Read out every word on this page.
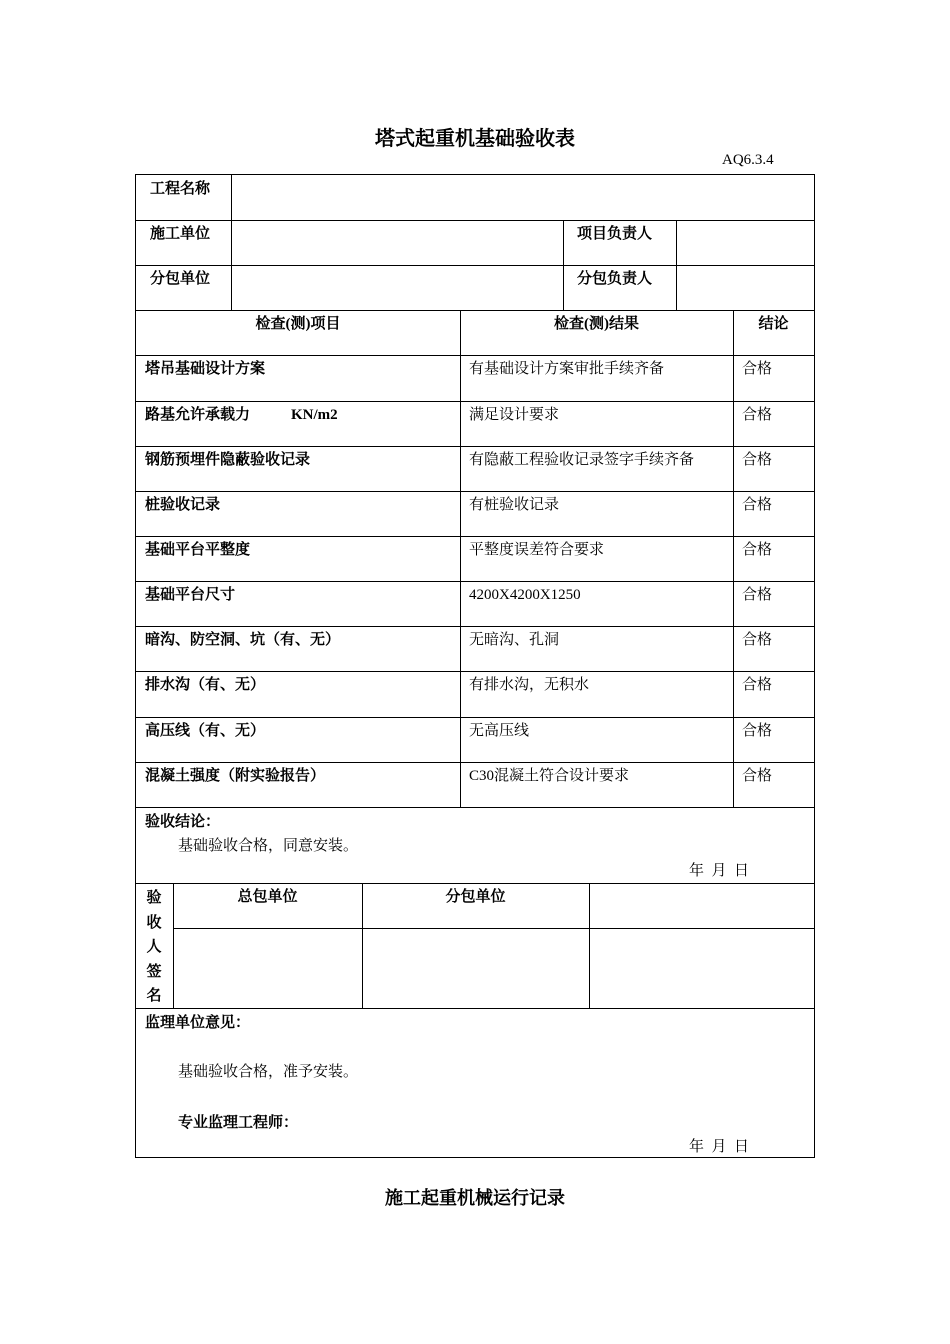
塔式起重机基础验收表
AQ6.3.4
工程名称
施工单位	项目负责人
分包单位	分包负责人
检查(测)项目	检查(测)结果	结论
塔吊基础设计方案	有基础设计方案审批手续齐备	合格
路基允许承载力	KN/m2	满足设计要求	合格
钢筋预埋件隐蔽验收记录	有隐蔽工程验收记录签字手续齐备	合格
桩验收记录	有桩验收记录	合格
基础平台平整度	平整度误差符合要求	合格
基础平台尺寸	4200X4200X1250	合格
暗沟、防空洞、坑（有、无）	无暗沟、孔洞	合格
排水沟（有、无）	有排水沟，无积水	合格
高压线（有、无）	无高压线	合格
混凝土强度（附实验报告）	C30混凝土符合设计要求	合格
验收结论：
基础验收合格，同意安装。
年  月  日
验
收
人
签
名
总包单位	分包单位
监理单位意见：
基础验收合格，准予安装。
专业监理工程师：
年  月  日
施工起重机械运行记录
